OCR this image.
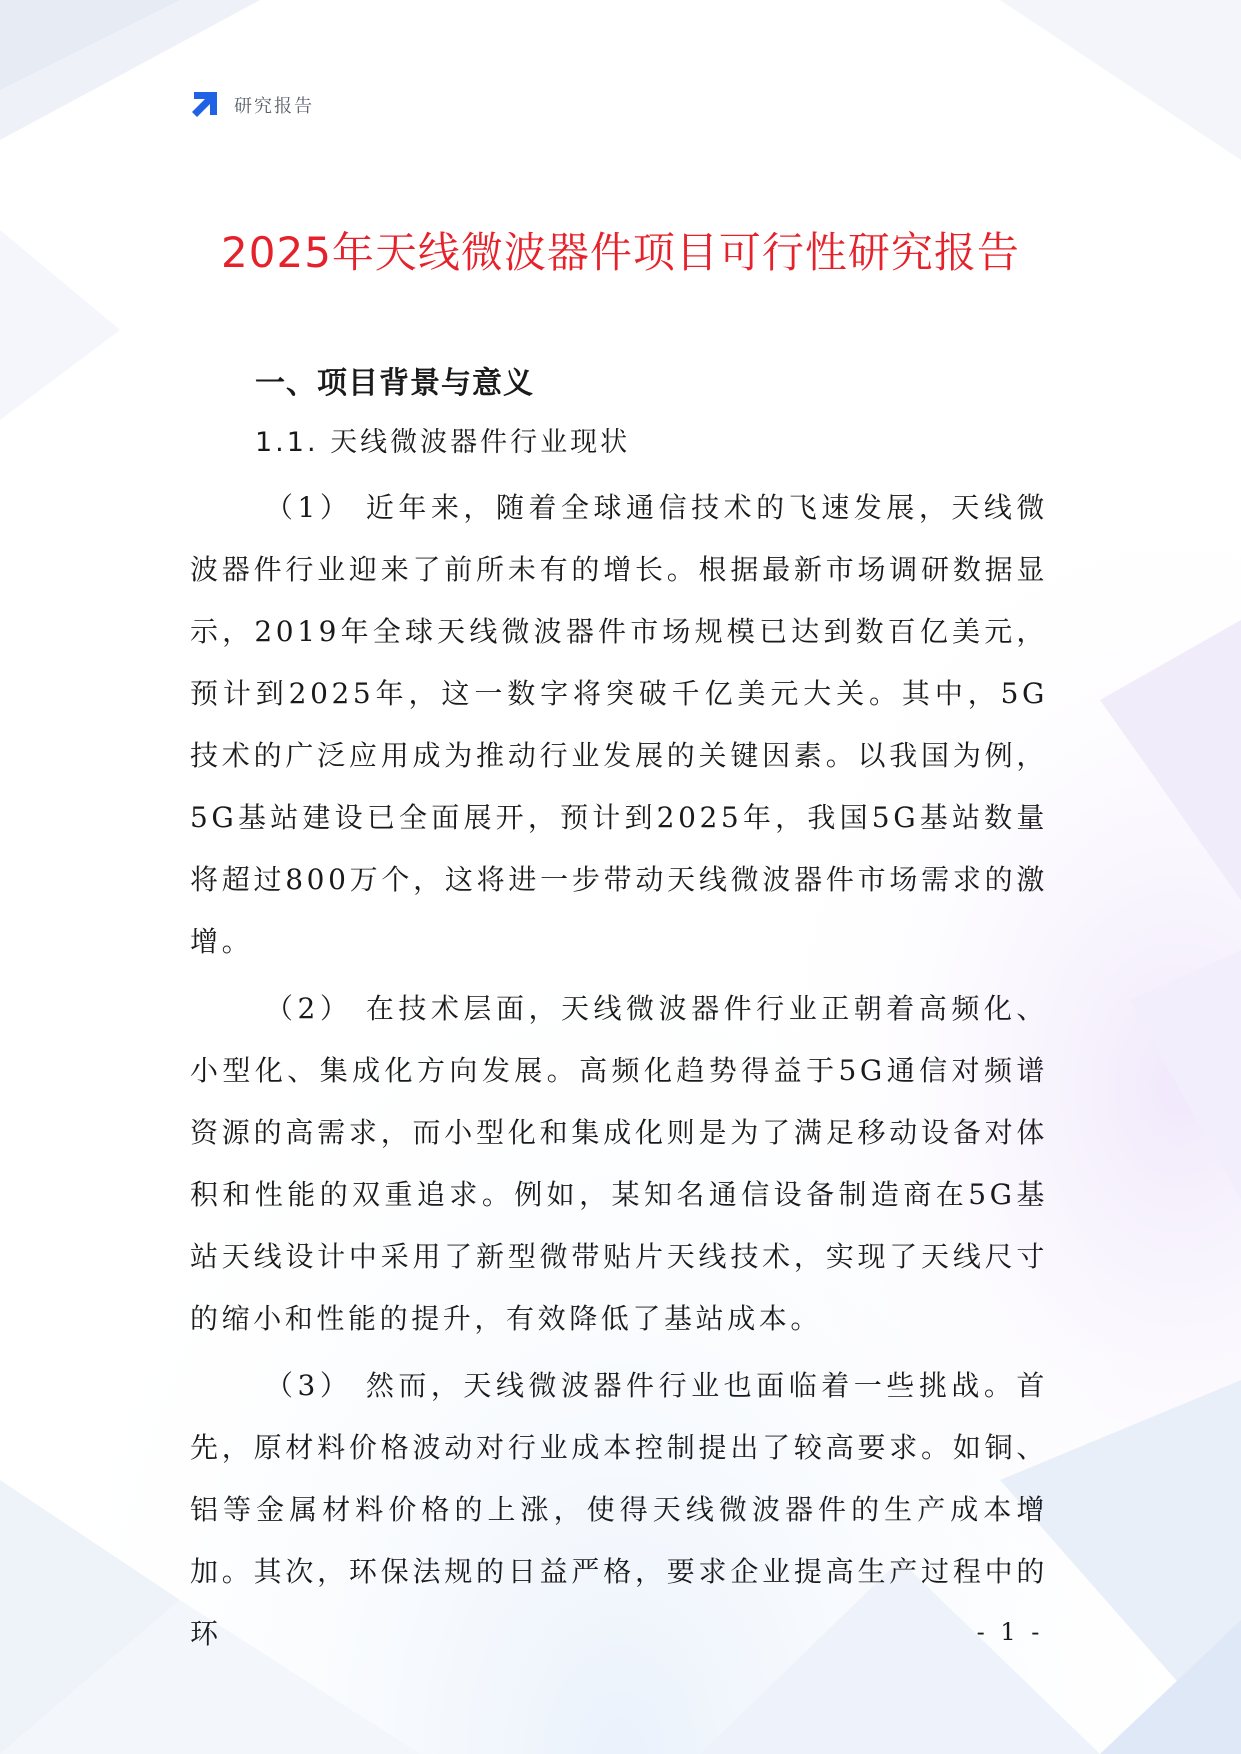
研究报告
2025年天线微波器件项目可行性研究报告
一、项目背景与意义
1.1. 天线微波器件行业现状

（1） 近年来，随着全球通信技术的飞速发展，天线微波器件行业迎来了前所未有的增长。根据最新市场调研数据显示，2019年全球天线微波器件市场规模已达到数百亿美元，预计到2025年，这一数字将突破千亿美元大关。其中，5G技术的广泛应用成为推动行业发展的关键因素。以我国为例，5G基站建设已全面展开，预计到2025年，我国5G基站数量将超过800万个，这将进一步带动天线微波器件市场需求的激增。

（2） 在技术层面，天线微波器件行业正朝着高频化、小型化、集成化方向发展。高频化趋势得益于5G通信对频谱资源的高需求，而小型化和集成化则是为了满足移动设备对体积和性能的双重追求。例如，某知名通信设备制造商在5G基站天线设计中采用了新型微带贴片天线技术，实现了天线尺寸的缩小和性能的提升，有效降低了基站成本。

（3） 然而，天线微波器件行业也面临着一些挑战。首先，原材料价格波动对行业成本控制提出了较高要求。如铜、铝等金属材料价格的上涨，使得天线微波器件的生产成本增加。其次，环保法规的日益严格，要求企业提高生产过程中的环	- 1 -
